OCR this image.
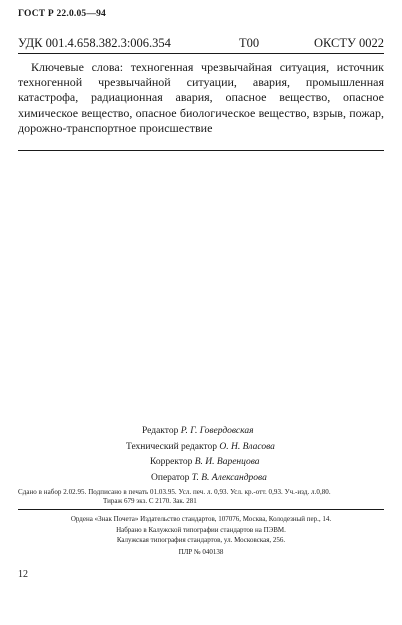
ГОСТ Р 22.0.05—94
УДК 001.4.658.382.3:006.354	Т00	ОКСТУ 0022
Ключевые слова: техногенная чрезвычайная ситуация, источник техногенной чрезвычайной ситуации, авария, промышленная катастрофа, радиационная авария, опасное вещество, опасное химическое вещество, опасное биологическое вещество, взрыв, пожар, дорожно-транспортное происшествие
Редактор Р. Г. Говердовская
Технический редактор О. Н. Власова
Корректор В. И. Варенцова
Оператор Т. В. Александрова
Сдано в набор 2.02.95. Подписано в печать 01.03.95. Усл. печ. л. 0,93. Усл. кр.-отт. 0,93. Уч.-изд. л.0,80.
Тираж 679 экз. С 2170. Зак. 281
Ордена «Знак Почета» Издательство стандартов, 107076, Москва, Колодезный пер., 14.
Набрано в Калужской типографии стандартов на ПЭВМ.
Калужская типография стандартов, ул. Московская, 256.
ПЛР № 040138
12
